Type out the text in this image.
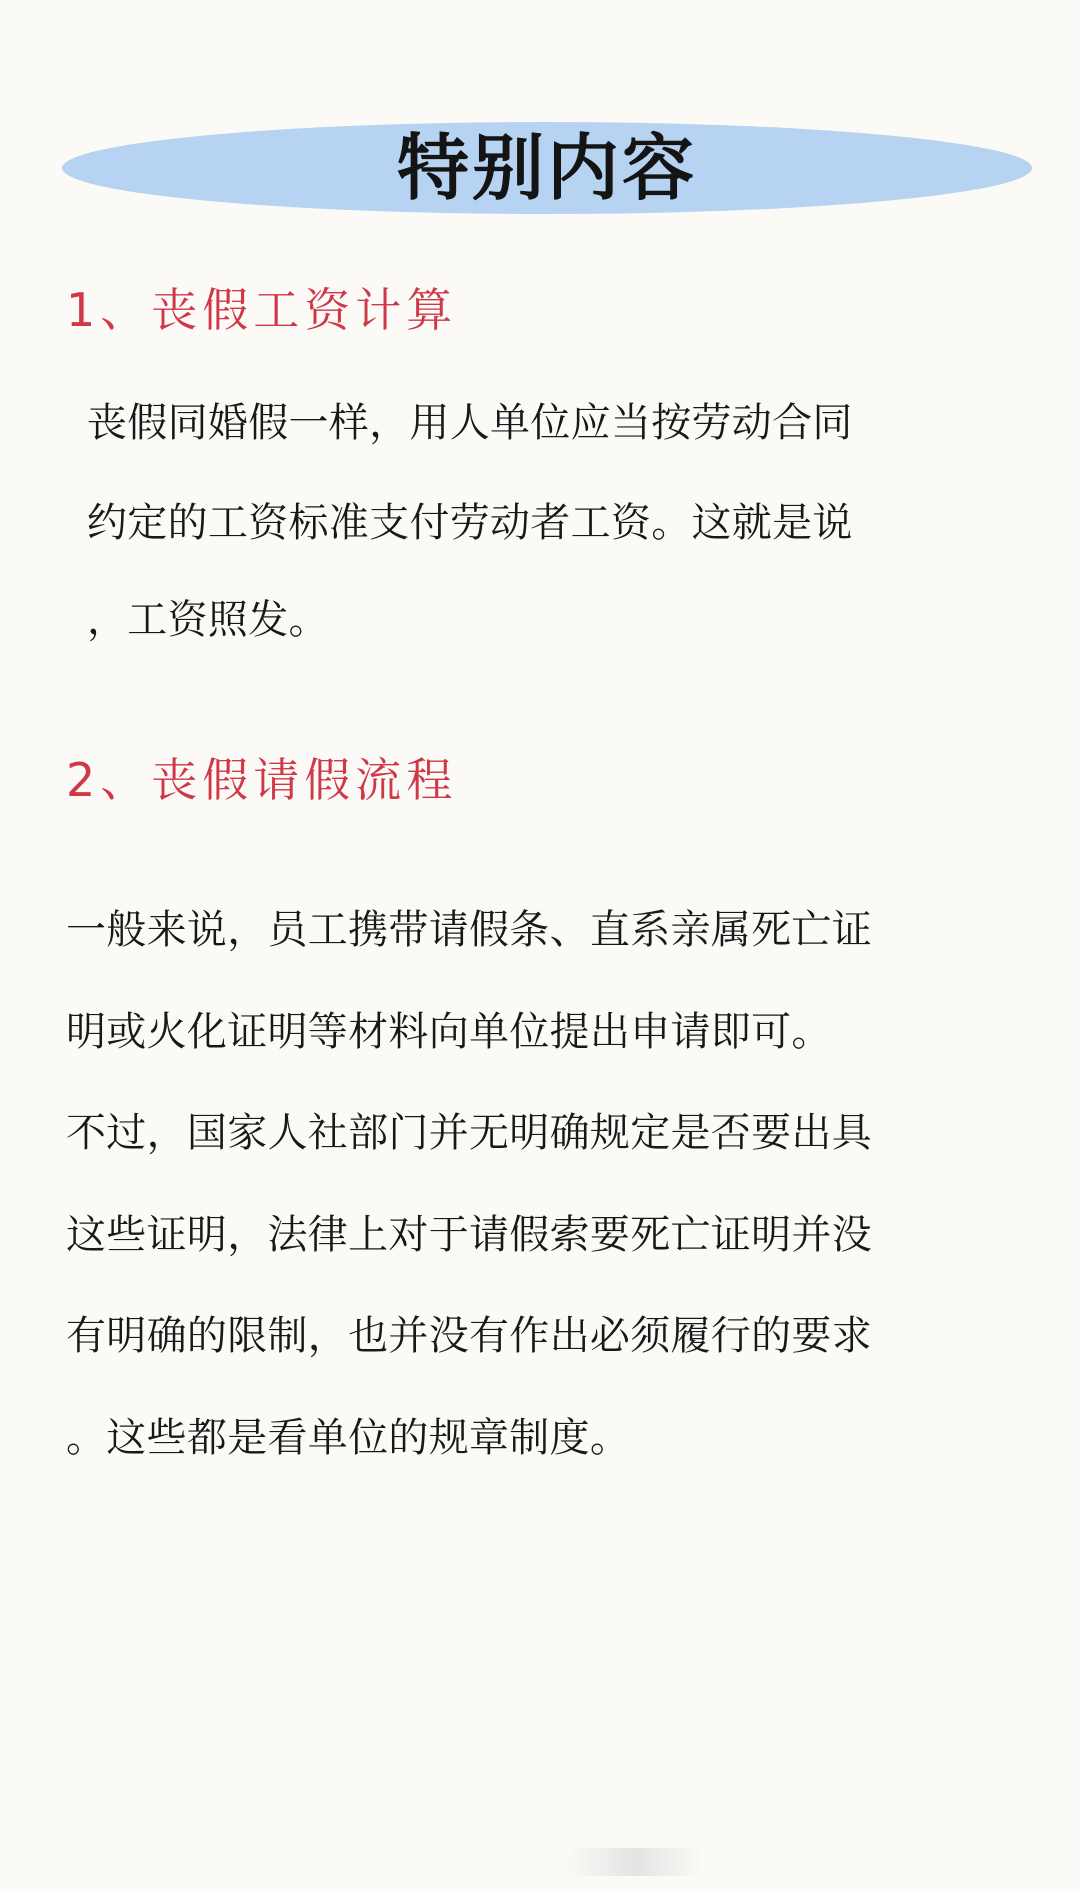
特别内容
1、丧假工资计算
丧假同婚假一样，用人单位应当按劳动合同
约定的工资标准支付劳动者工资。这就是说
，工资照发。
2、丧假请假流程
一般来说，员工携带请假条、直系亲属死亡证
明或火化证明等材料向单位提出申请即可。
不过，国家人社部门并无明确规定是否要出具
这些证明，法律上对于请假索要死亡证明并没
有明确的限制，也并没有作出必须履行的要求
。这些都是看单位的规章制度。
